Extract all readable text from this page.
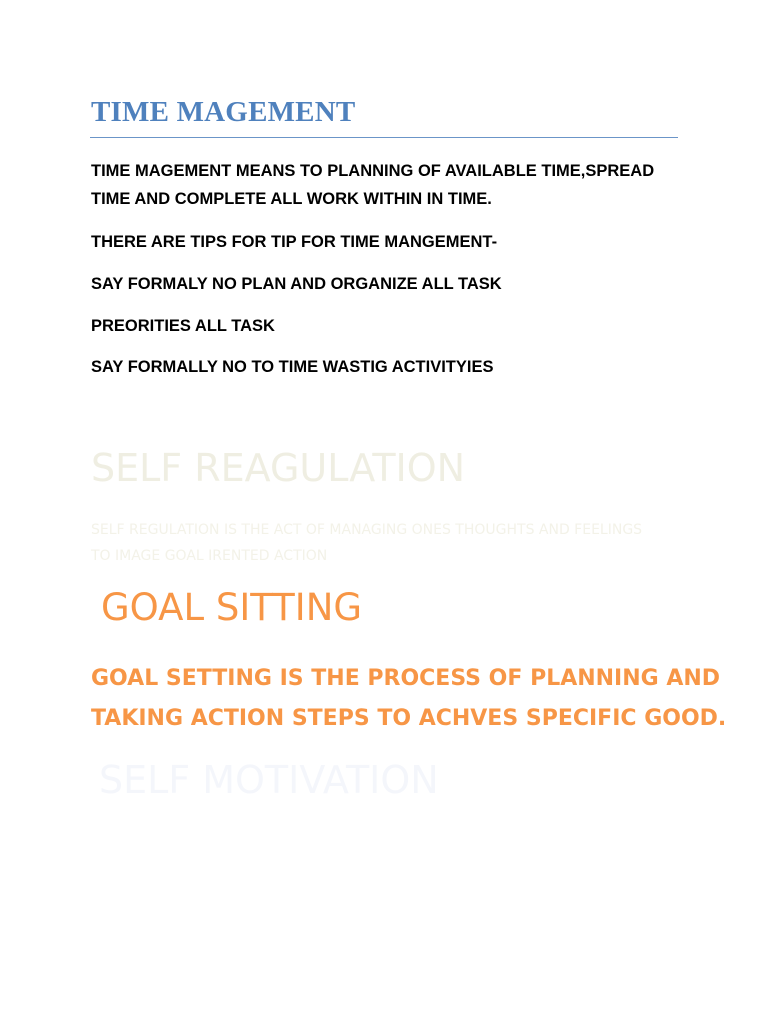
TIME MAGEMENT
TIME MAGEMENT MEANS TO PLANNING OF AVAILABLE TIME,SPREAD
TIME AND COMPLETE ALL WORK WITHIN IN TIME.
THERE ARE TIPS FOR TIP FOR TIME MANGEMENT-
SAY FORMALY NO PLAN AND ORGANIZE ALL TASK
PREORITIES ALL TASK
SAY FORMALLY NO TO TIME WASTIG ACTIVITYIES
SELF REAGULATION
SELF REGULATION IS THE ACT OF MANAGING ONES THOUGHTS AND FEELINGS
TO IMAGE GOAL IRENTED ACTION
GOAL SITTING
GOAL SETTING IS THE PROCESS OF PLANNING AND
TAKING ACTION STEPS TO ACHVES SPECIFIC GOOD.
SELF MOTIVATION
